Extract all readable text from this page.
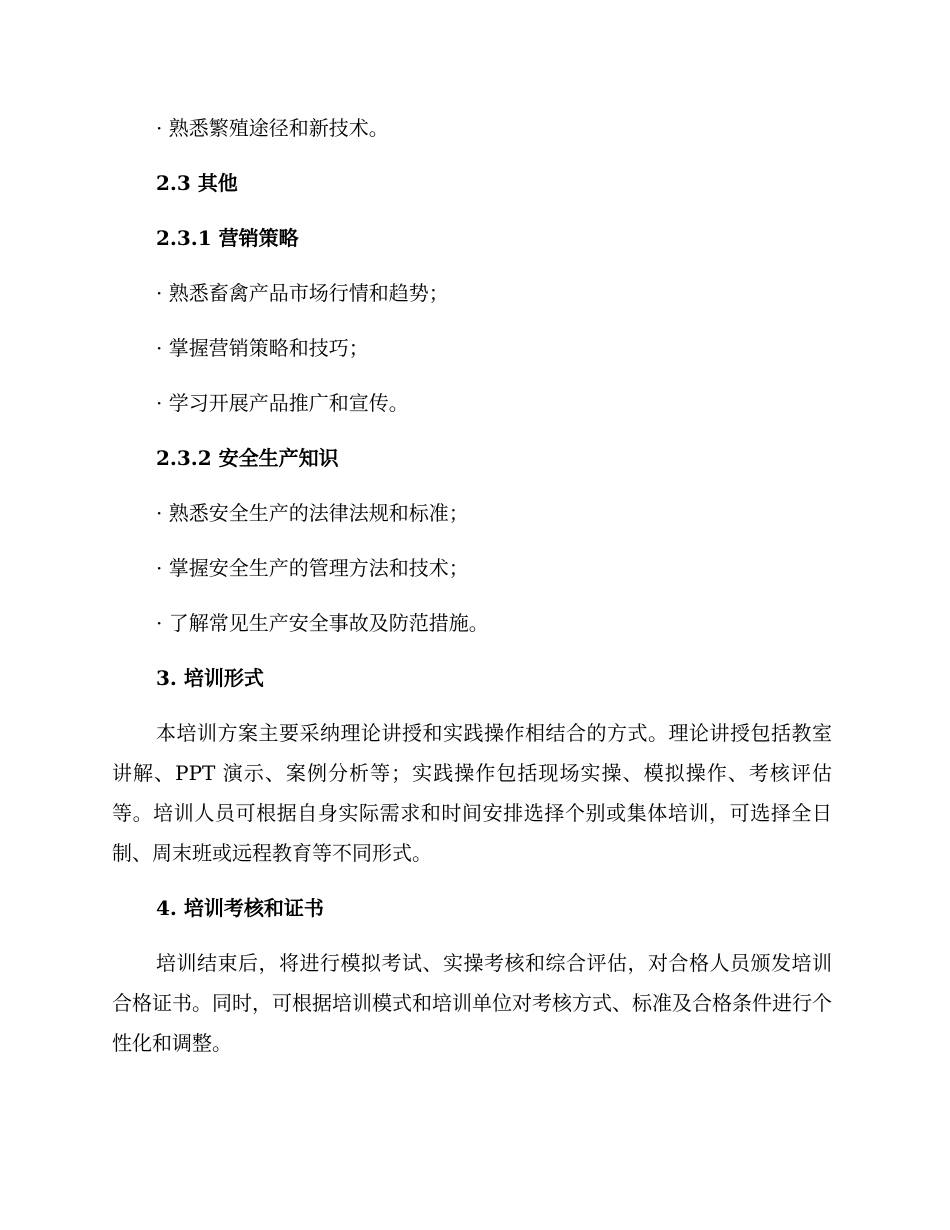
· 熟悉繁殖途径和新技术。

2.3 其他

2.3.1 营销策略

· 熟悉畜禽产品市场行情和趋势；

· 掌握营销策略和技巧；

· 学习开展产品推广和宣传。

2.3.2 安全生产知识

· 熟悉安全生产的法律法规和标准；

· 掌握安全生产的管理方法和技术；

· 了解常见生产安全事故及防范措施。

3. 培训形式

本培训方案主要采纳理论讲授和实践操作相结合的方式。理论讲授包括教室讲解、PPT 演示、案例分析等；实践操作包括现场实操、模拟操作、考核评估等。培训人员可根据自身实际需求和时间安排选择个别或集体培训，可选择全日制、周末班或远程教育等不同形式。

4. 培训考核和证书

培训结束后，将进行模拟考试、实操考核和综合评估，对合格人员颁发培训合格证书。同时，可根据培训模式和培训单位对考核方式、标准及合格条件进行个性化和调整。
